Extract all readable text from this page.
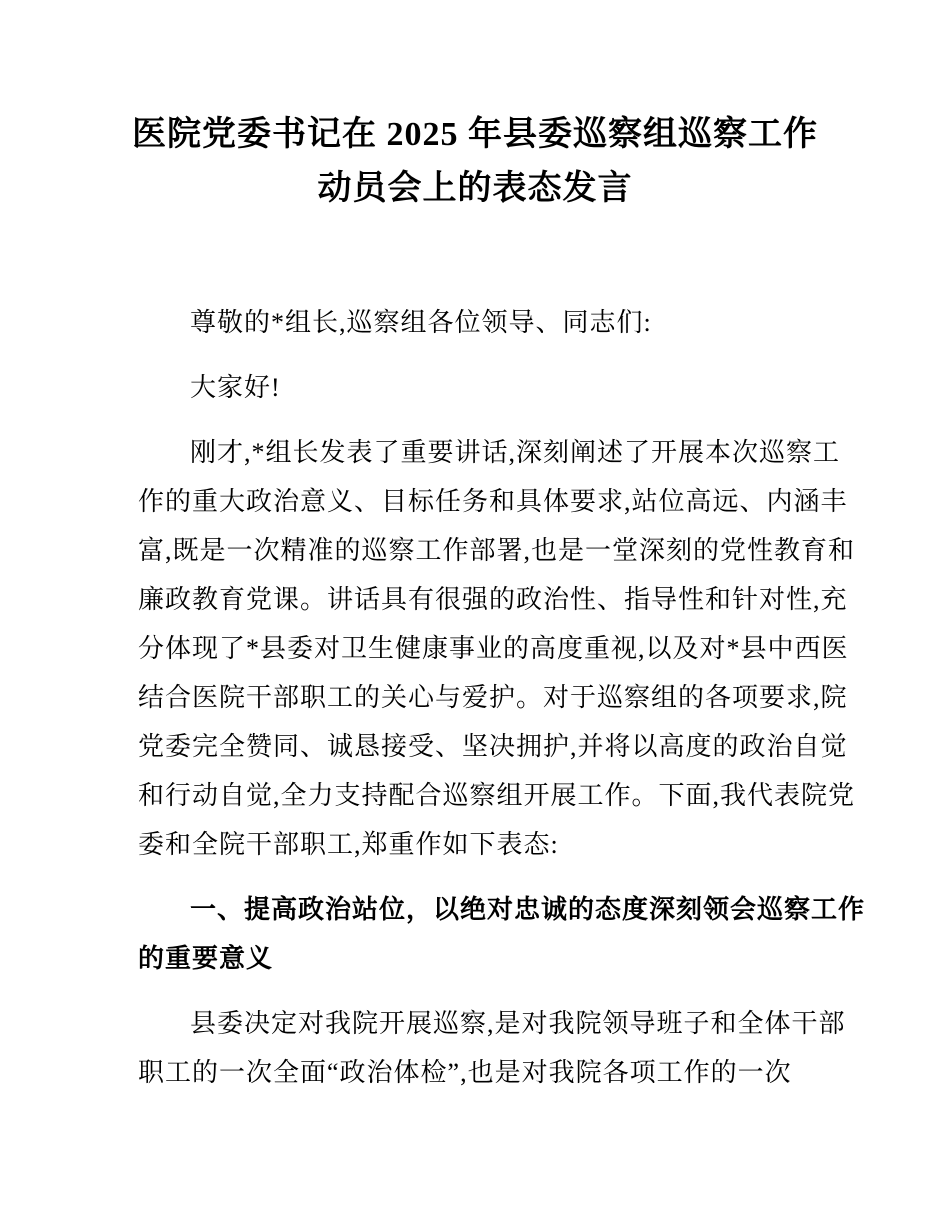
医院党委书记在 2025 年县委巡察组巡察工作
动员会上的表态发言

尊敬的*组长,巡察组各位领导、同志们:

大家好!

刚才,*组长发表了重要讲话,深刻阐述了开展本次巡察工
作的重大政治意义、目标任务和具体要求,站位高远、内涵丰
富,既是一次精准的巡察工作部署,也是一堂深刻的党性教育和
廉政教育党课。讲话具有很强的政治性、指导性和针对性,充
分体现了*县委对卫生健康事业的高度重视,以及对*县中西医
结合医院干部职工的关心与爱护。对于巡察组的各项要求,院
党委完全赞同、诚恳接受、坚决拥护,并将以高度的政治自觉
和行动自觉,全力支持配合巡察组开展工作。下面,我代表院党
委和全院干部职工,郑重作如下表态:
一、提高政治站位，以绝对忠诚的态度深刻领会巡察工作
的重要意义
县委决定对我院开展巡察,是对我院领导班子和全体干部
职工的一次全面“政治体检”,也是对我院各项工作的一次
